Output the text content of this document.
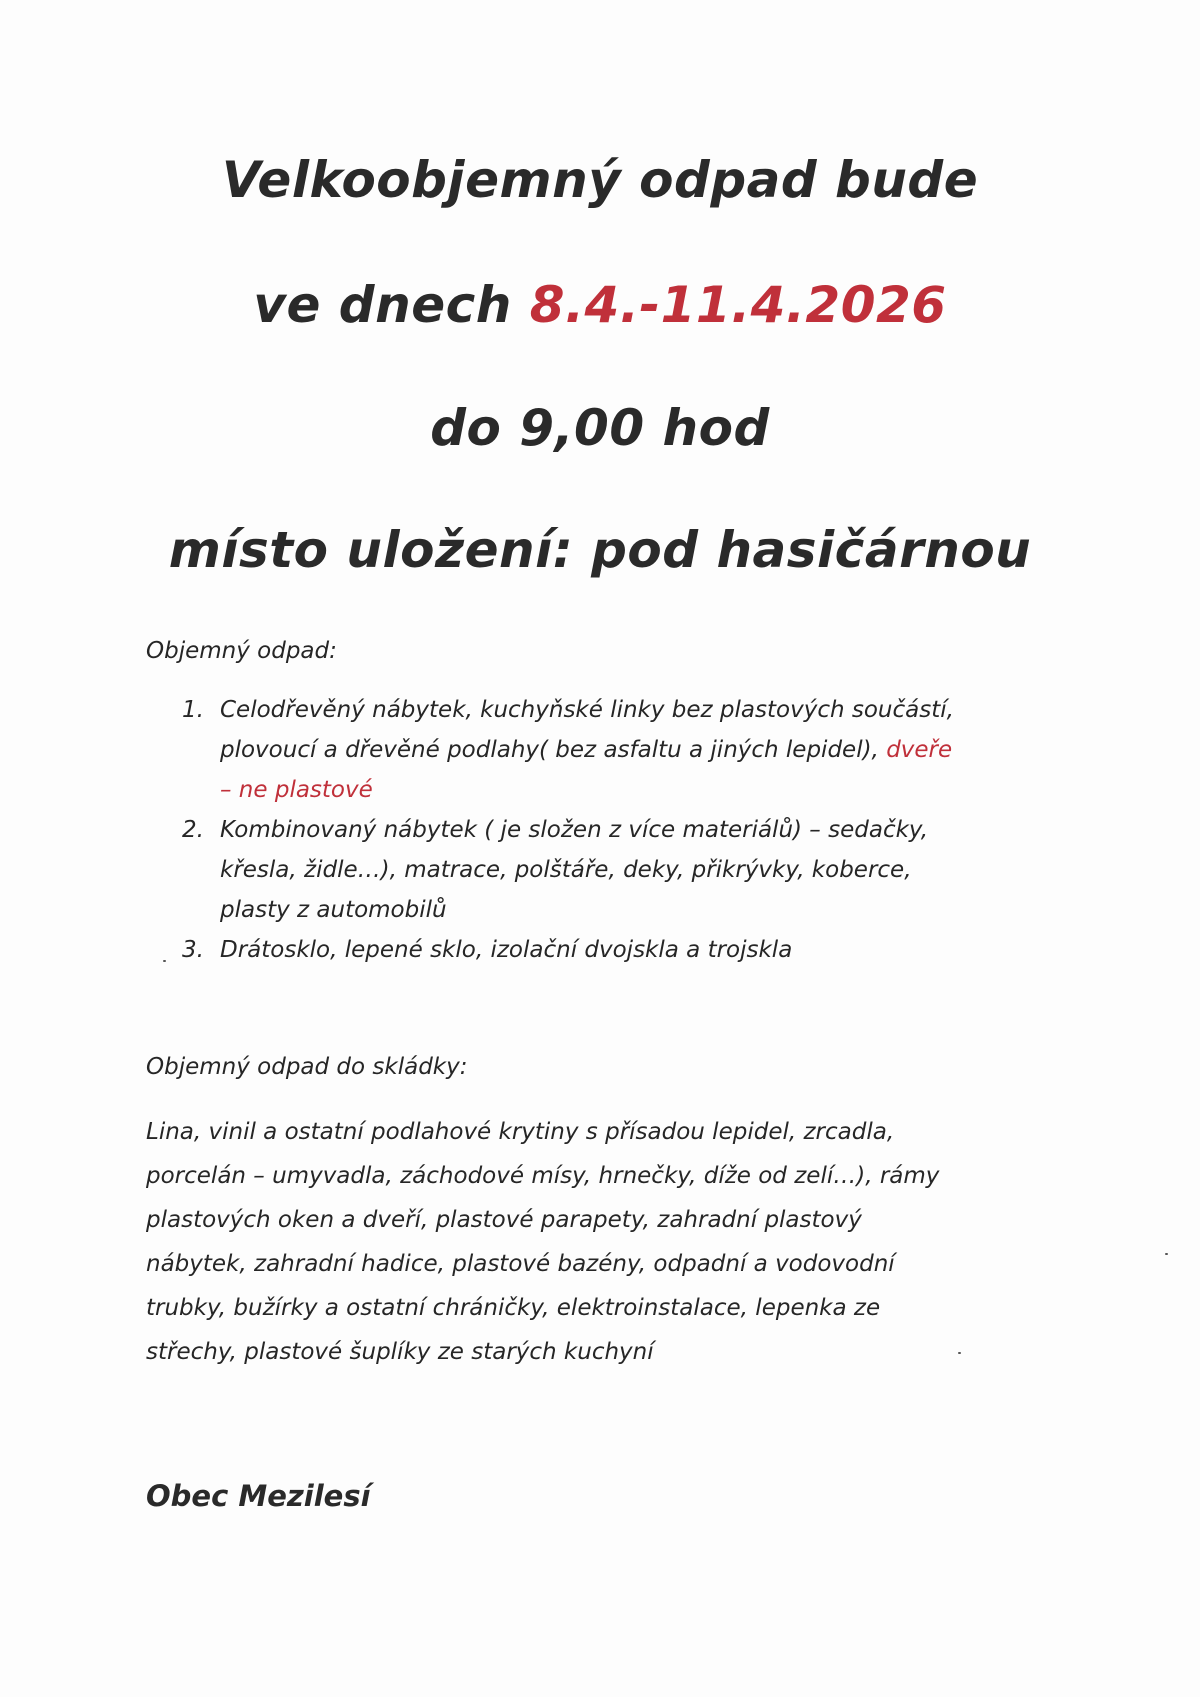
Velkoobjemný odpad bude
ve dnech 8.4.-11.4.2026
do 9,00 hod
místo uložení: pod hasičárnou
Objemný odpad:
1. Celodřevěný nábytek, kuchyňské linky bez plastových součástí,
plovoucí a dřevěné podlahy( bez asfaltu a jiných lepidel), dveře
– ne plastové
2. Kombinovaný nábytek ( je složen z více materiálů) – sedačky,
křesla, židle…), matrace, polštáře, deky, přikrývky, koberce,
plasty z automobilů
3. Drátosklo, lepené sklo, izolační dvojskla a trojskla
Objemný odpad do skládky:
Lina, vinil a ostatní podlahové krytiny s přísadou lepidel, zrcadla,
porcelán – umyvadla, záchodové mísy, hrnečky, díže od zelí…), rámy
plastových oken a dveří, plastové parapety, zahradní plastový
nábytek, zahradní hadice, plastové bazény, odpadní a vodovodní
trubky, bužírky a ostatní chráničky, elektroinstalace, lepenka ze
střechy, plastové šuplíky ze starých kuchyní
Obec Mezilesí
